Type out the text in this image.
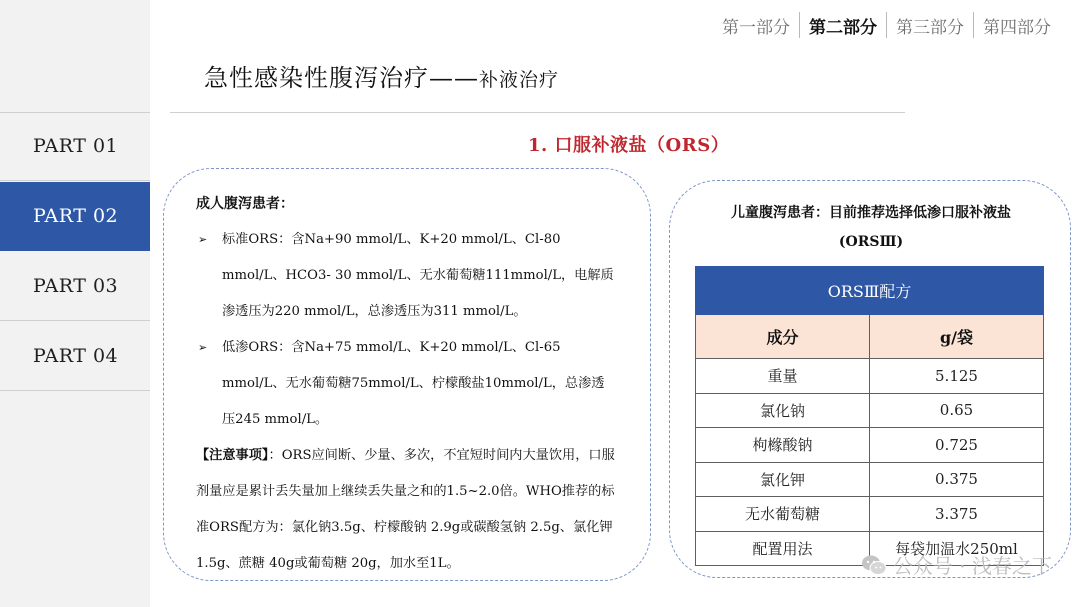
PART 01
PART 02
PART 03
PART 04
第一部分	第二部分	第三部分	第四部分
急性感染性腹泻治疗——补液治疗
1. 口服补液盐（ORS）
成人腹泻患者：
➢ 标准ORS：含Na+90 mmol/L、K+20 mmol/L、Cl-80 mmol/L、HCO3- 30 mmol/L、无水葡萄糖111mmol/L，电解质渗透压为220 mmol/L，总渗透压为311 mmol/L。
➢ 低渗ORS：含Na+75 mmol/L、K+20 mmol/L、Cl-65 mmol/L、无水葡萄糖75mmol/L、柠檬酸盐10mmol/L，总渗透压245 mmol/L。
【注意事项】：ORS应间断、少量、多次，不宜短时间内大量饮用，口服剂量应是累计丢失量加上继续丢失量之和的1.5~2.0倍。WHO推荐的标准ORS配方为：氯化钠3.5g、柠檬酸钠 2.9g或碳酸氢钠 2.5g、氯化钾1.5g、蔗糖 40g或葡萄糖 20g，加水至1L。
儿童腹泻患者：目前推荐选择低渗口服补液盐
(ORSⅢ)
ORSⅢ配方	
成分	g/袋
重量	5.125
氯化钠	0.65
枸橼酸钠	0.725
氯化钾	0.375
无水葡萄糖	3.375
配置用法	每袋加温水250ml
公众号 · 浅春之下
